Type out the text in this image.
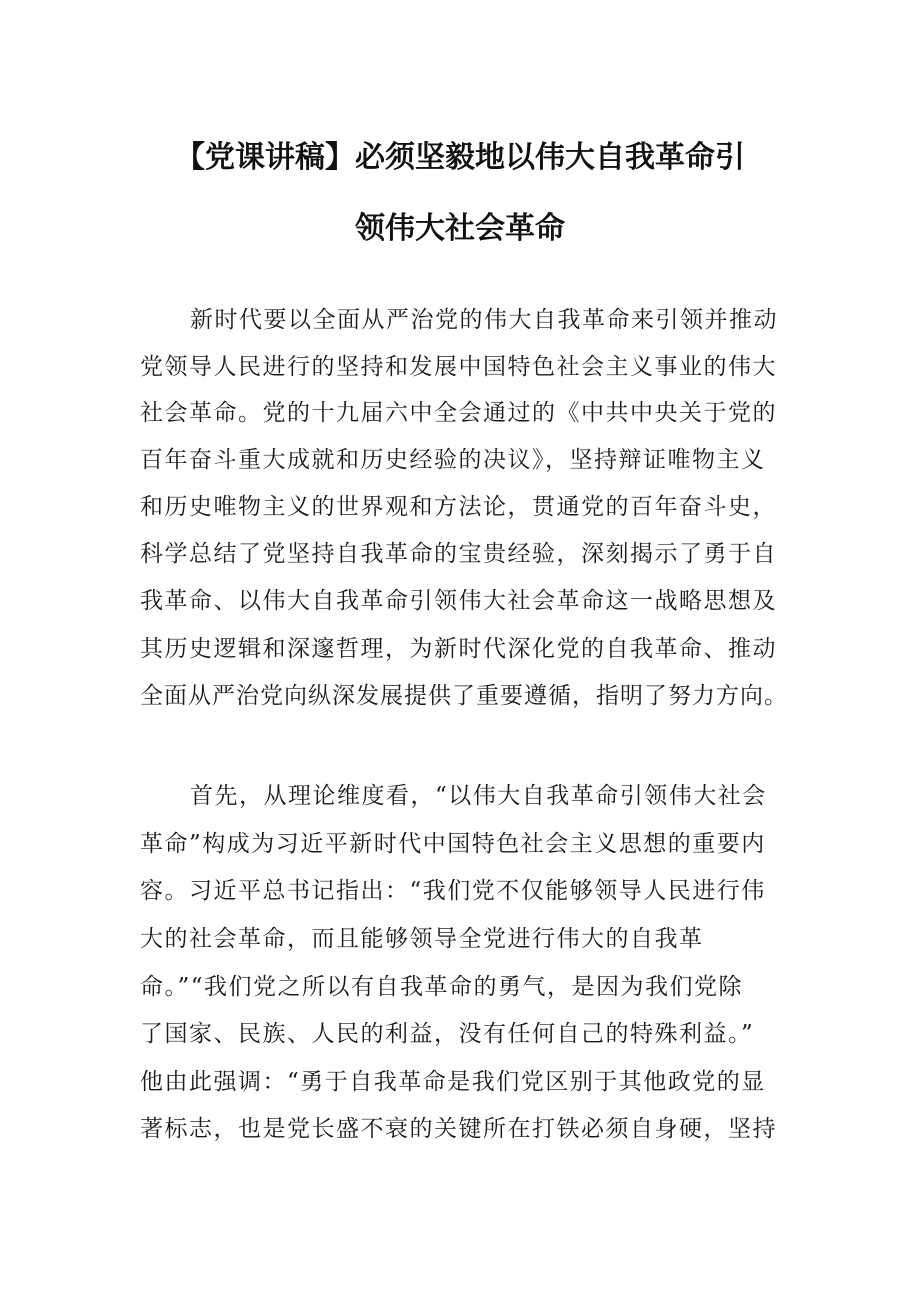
【党课讲稿】必须坚毅地以伟大自我革命引
领伟大社会革命
新时代要以全面从严治党的伟大自我革命来引领并推动
党领导人民进行的坚持和发展中国特色社会主义事业的伟大
社会革命。党的十九届六中全会通过的《中共中央关于党的
百年奋斗重大成就和历史经验的决议》，坚持辩证唯物主义
和历史唯物主义的世界观和方法论，贯通党的百年奋斗史，
科学总结了党坚持自我革命的宝贵经验，深刻揭示了勇于自
我革命、以伟大自我革命引领伟大社会革命这一战略思想及
其历史逻辑和深邃哲理，为新时代深化党的自我革命、推动
全面从严治党向纵深发展提供了重要遵循，指明了努力方向。
首先，从理论维度看，“以伟大自我革命引领伟大社会
革命”构成为习近平新时代中国特色社会主义思想的重要内
容。习近平总书记指出：“我们党不仅能够领导人民进行伟
大的社会革命，而且能够领导全党进行伟大的自我革
命。”“我们党之所以有自我革命的勇气，是因为我们党除
了国家、民族、人民的利益，没有任何自己的特殊利益。”
他由此强调：“勇于自我革命是我们党区别于其他政党的显
著标志，也是党长盛不衰的关键所在打铁必须自身硬，坚持
